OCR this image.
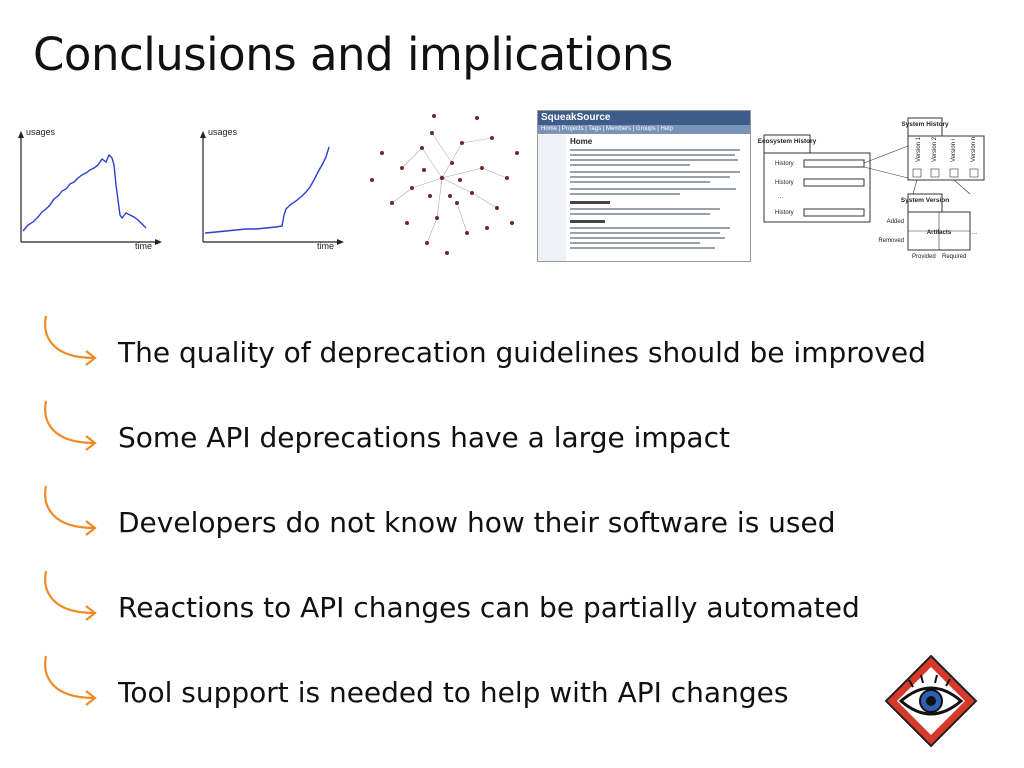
Conclusions and implications
usages
time
usages
time
SqueakSource
Home | Projects | Tags | Members | Groups | Help
Home	Ecosystem History
History
History
...
History
System History
Version 1 Version 2 Version i Version n
System Version
Artifacts	...
Added
Removed
Provided Required
The quality of deprecation guidelines should be improved
Some API deprecations have a large impact
Developers do not know how their software is used
Reactions to API changes can be partially automated
Tool support is needed to help with API changes
